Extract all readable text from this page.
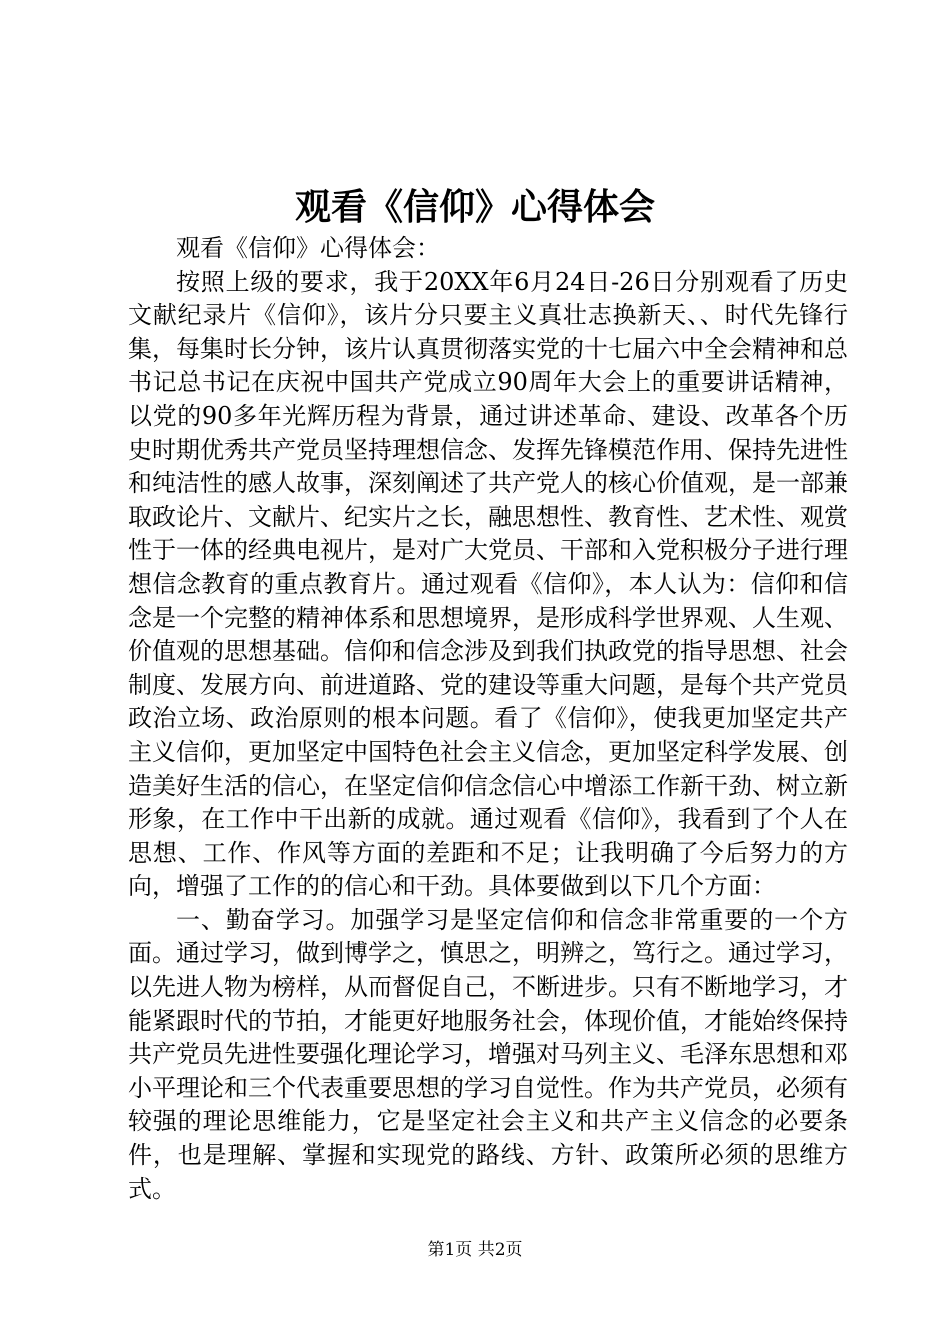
观看《信仰》心得体会

观看《信仰》心得体会：

按照上级的要求，我于20XX年6月24日-26日分别观看了历史文献纪录片《信仰》，该片分只要主义真壮志换新天、、时代先锋行集，每集时长分钟，该片认真贯彻落实党的十七届六中全会精神和总书记总书记在庆祝中国共产党成立90周年大会上的重要讲话精神，以党的90多年光辉历程为背景，通过讲述革命、建设、改革各个历史时期优秀共产党员坚持理想信念、发挥先锋模范作用、保持先进性和纯洁性的感人故事，深刻阐述了共产党人的核心价值观，是一部兼取政论片、文献片、纪实片之长，融思想性、教育性、艺术性、观赏性于一体的经典电视片，是对广大党员、干部和入党积极分子进行理想信念教育的重点教育片。通过观看《信仰》，本人认为：信仰和信念是一个完整的精神体系和思想境界，是形成科学世界观、人生观、价值观的思想基础。信仰和信念涉及到我们执政党的指导思想、社会制度、发展方向、前进道路、党的建设等重大问题，是每个共产党员政治立场、政治原则的根本问题。看了《信仰》，使我更加坚定共产主义信仰，更加坚定中国特色社会主义信念，更加坚定科学发展、创造美好生活的信心，在坚定信仰信念信心中增添工作新干劲、树立新形象，在工作中干出新的成就。通过观看《信仰》，我看到了个人在思想、工作、作风等方面的差距和不足；让我明确了今后努力的方向，增强了工作的的信心和干劲。具体要做到以下几个方面：

一、勤奋学习。加强学习是坚定信仰和信念非常重要的一个方面。通过学习，做到博学之，慎思之，明辨之，笃行之。通过学习，以先进人物为榜样，从而督促自己，不断进步。只有不断地学习，才能紧跟时代的节拍，才能更好地服务社会，体现价值，才能始终保持共产党员先进性要强化理论学习，增强对马列主义、毛泽东思想和邓小平理论和三个代表重要思想的学习自觉性。作为共产党员，必须有较强的理论思维能力，它是坚定社会主义和共产主义信念的必要条件，也是理解、掌握和实现党的路线、方针、政策所必须的思维方式。

第1页 共2页
